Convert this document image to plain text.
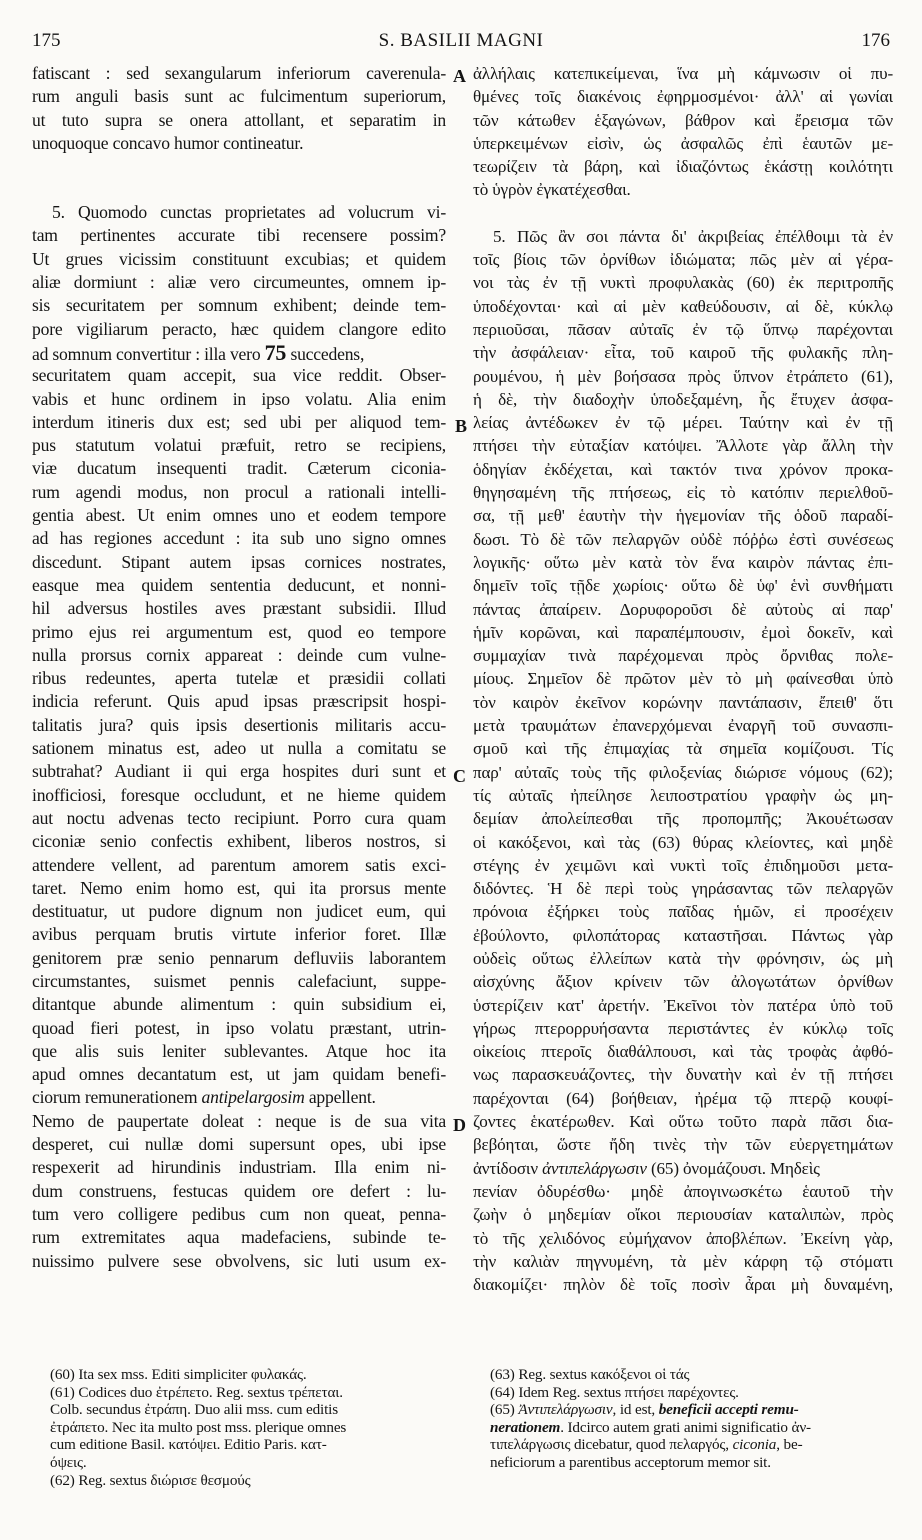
175	S. BASILII MAGNI	176
A
B
C
D
fatiscant : sed sexangularum inferiorum caverenula-
rum anguli basis sunt ac fulcimentum superiorum,
ut tuto supra se onera attollant, et separatim in
unoquoque concavo humor contineatur.
5. Quomodo cunctas proprietates ad volucrum vi-
tam pertinentes accurate tibi recensere possim?
Ut grues vicissim constituunt excubias; et quidem
aliæ dormiunt : aliæ vero circumeuntes, omnem ip-
sis securitatem per somnum exhibent; deinde tem-
pore vigiliarum peracto, hæc quidem clangore edito
ad somnum convertitur : illa vero 75 succedens,
securitatem quam accepit, sua vice reddit. Obser-
vabis et hunc ordinem in ipso volatu. Alia enim
interdum itineris dux est; sed ubi per aliquod tem-
pus statutum volatui præfuit, retro se recipiens,
viæ ducatum insequenti tradit. Cæterum ciconia-
rum agendi modus, non procul a rationali intelli-
gentia abest. Ut enim omnes uno et eodem tempore
ad has regiones accedunt : ita sub uno signo omnes
discedunt. Stipant autem ipsas cornices nostrates,
easque mea quidem sententia deducunt, et nonni-
hil adversus hostiles aves præstant subsidii. Illud
primo ejus rei argumentum est, quod eo tempore
nulla prorsus cornix appareat : deinde cum vulne-
ribus redeuntes, aperta tutelæ et præsidii collati
indicia referunt. Quis apud ipsas præscripsit hospi-
talitatis jura? quis ipsis desertionis militaris accu-
sationem minatus est, adeo ut nulla a comitatu se
subtrahat? Audiant ii qui erga hospites duri sunt et
inofficiosi, foresque occludunt, et ne hieme quidem
aut noctu advenas tecto recipiunt. Porro cura quam
ciconiæ senio confectis exhibent, liberos nostros, si
attendere vellent, ad parentum amorem satis exci-
taret. Nemo enim homo est, qui ita prorsus mente
destituatur, ut pudore dignum non judicet eum, qui
avibus perquam brutis virtute inferior foret. Illæ
genitorem præ senio pennarum defluviis laborantem
circumstantes, suismet pennis calefaciunt, suppe-
ditantque abunde alimentum : quin subsidium ei,
quoad fieri potest, in ipso volatu præstant, utrin-
que alis suis leniter sublevantes. Atque hoc ita
apud omnes decantatum est, ut jam quidam benefi-
ciorum remunerationem antipelargosim appellent.
Nemo de paupertate doleat : neque is de sua vita
desperet, cui nullæ domi supersunt opes, ubi ipse
respexerit ad hirundinis industriam. Illa enim ni-
dum construens, festucas quidem ore defert : lu-
tum vero colligere pedibus cum non queat, penna-
rum extremitates aqua madefaciens, subinde te-
nuissimo pulvere sese obvolvens, sic luti usum ex-
ἀλλήλαις κατεπικείμεναι, ἵνα μὴ κάμνωσιν οἱ πυ-
θμένες τοῖς διακένοις ἐφηρμοσμένοι· ἀλλ' αἱ γωνίαι
τῶν κάτωθεν ἑξαγώνων, βάθρον καὶ ἔρεισμα τῶν
ὑπερκειμένων εἰσὶν, ὡς ἀσφαλῶς ἐπὶ ἑαυτῶν με-
τεωρίζειν τὰ βάρη, καὶ ἰδιαζόντως ἑκάστῃ κοιλότητι
τὸ ὑγρὸν ἐγκατέχεσθαι.
5. Πῶς ἂν σοι πάντα δι' ἀκριβείας ἐπέλθοιμι τὰ ἐν
τοῖς βίοις τῶν ὀρνίθων ἰδιώματα; πῶς μὲν αἱ γέρα-
νοι τὰς ἐν τῇ νυκτὶ προφυλακὰς (60) ἐκ περιτροπῆς
ὑποδέχονται· καὶ αἱ μὲν καθεύδουσιν, αἱ δὲ, κύκλῳ
περιιοῦσαι, πᾶσαν αὐταῖς ἐν τῷ ὕπνῳ παρέχονται
τὴν ἀσφάλειαν· εἶτα, τοῦ καιροῦ τῆς φυλακῆς πλη-
ρουμένου, ἡ μὲν βοήσασα πρὸς ὕπνον ἐτράπετο (61),
ἡ δὲ, τὴν διαδοχὴν ὑποδεξαμένη, ἧς ἔτυχεν ἀσφα-
λείας ἀντέδωκεν ἐν τῷ μέρει. Ταύτην καὶ ἐν τῇ
πτήσει τὴν εὐταξίαν κατόψει. Ἄλλοτε γὰρ ἄλλη τὴν
ὁδηγίαν ἐκδέχεται, καὶ τακτόν τινα χρόνον προκα-
θηγησαμένη τῆς πτήσεως, εἰς τὸ κατόπιν περιελθοῦ-
σα, τῇ μεθ' ἑαυτὴν τὴν ἡγεμονίαν τῆς ὁδοῦ παραδί-
δωσι. Τὸ δὲ τῶν πελαργῶν οὐδὲ πόῤῥω ἐστὶ συνέσεως
λογικῆς· οὕτω μὲν κατὰ τὸν ἕνα καιρὸν πάντας ἐπι-
δημεῖν τοῖς τῇδε χωρίοις· οὕτω δὲ ὑφ' ἑνὶ συνθήματι
πάντας ἀπαίρειν. Δορυφοροῦσι δὲ αὐτοὺς αἱ παρ'
ἡμῖν κορῶναι, καὶ παραπέμπουσιν, ἐμοὶ δοκεῖν, καὶ
συμμαχίαν τινὰ παρέχομεναι πρὸς ὄρνιθας πολε-
μίους. Σημεῖον δὲ πρῶτον μὲν τὸ μὴ φαίνεσθαι ὑπὸ
τὸν καιρὸν ἐκεῖνον κορώνην παντάπασιν, ἔπειθ' ὅτι
μετὰ τραυμάτων ἐπανερχόμεναι ἐναργῆ τοῦ συνασπι-
σμοῦ καὶ τῆς ἐπιμαχίας τὰ σημεῖα κομίζουσι. Τίς
παρ' αὐταῖς τοὺς τῆς φιλοξενίας διώρισε νόμους (62);
τίς αὐταῖς ἠπείλησε λειποστρατίου γραφὴν ὡς μη-
δεμίαν ἀπολείπεσθαι τῆς προπομπῆς; Ἀκουέτωσαν
οἱ κακόξενοι, καὶ τὰς (63) θύρας κλείοντες, καὶ μηδὲ
στέγης ἐν χειμῶνι καὶ νυκτὶ τοῖς ἐπιδημοῦσι μετα-
διδόντες. Ἡ δὲ περὶ τοὺς γηράσαντας τῶν πελαργῶν
πρόνοια ἐξήρκει τοὺς παῖδας ἡμῶν, εἰ προσέχειν
ἐβούλοντο, φιλοπάτορας καταστῆσαι. Πάντως γὰρ
οὐδεὶς οὕτως ἐλλείπων κατὰ τὴν φρόνησιν, ὡς μὴ
αἰσχύνης ἄξιον κρίνειν τῶν ἀλογωτάτων ὀρνίθων
ὑστερίζειν κατ' ἀρετήν. Ἐκεῖνοι τὸν πατέρα ὑπὸ τοῦ
γήρως πτερορρυήσαντα περιστάντες ἐν κύκλῳ τοῖς
οἰκείοις πτεροῖς διαθάλπουσι, καὶ τὰς τροφὰς ἀφθό-
νως παρασκευάζοντες, τὴν δυνατὴν καὶ ἐν τῇ πτήσει
παρέχονται (64) βοήθειαν, ἠρέμα τῷ πτερῷ κουφί-
ζοντες ἑκατέρωθεν. Καὶ οὕτω τοῦτο παρὰ πᾶσι δια-
βεβόηται, ὥστε ἤδη τινὲς τὴν τῶν εὐεργετημάτων
ἀντίδοσιν ἀντιπελάργωσιν (65) ὀνομάζουσι. Μηδεὶς
πενίαν ὀδυρέσθω· μηδὲ ἀπογινωσκέτω ἑαυτοῦ τὴν
ζωὴν ὁ μηδεμίαν οἴκοι περιουσίαν καταλιπὼν, πρὸς
τὸ τῆς χελιδόνος εὐμήχανον ἀποβλέπων. Ἐκείνη γὰρ,
τὴν καλιὰν πηγνυμένη, τὰ μὲν κάρφη τῷ στόματι
διακομίζει· πηλὸν δὲ τοῖς ποσὶν ἆραι μὴ δυναμένη,
(60) Ita sex mss. Editi simpliciter φυλακάς.
(61) Codices duo ἐτρέπετο. Reg. sextus τρέπεται.
Colb. secundus ἐτράπη. Duo alii mss. cum editis
ἐτράπετο. Nec ita multo post mss. plerique omnes
cum editione Basil. κατόψει. Editio Paris. κατ-
όψεις.
(62) Reg. sextus διώρισε θεσμούς
(63) Reg. sextus κακόξενοι οἱ τάς
(64) Idem Reg. sextus πτήσει παρέχοντες.
(65) Ἀντιπελάργωσιν, id est, beneficii accepti remu-
nerationem. Idcirco autem grati animi significatio ἀν-
τιπελάργωσις dicebatur, quod πελαργός, ciconia, be-
neficiorum a parentibus acceptorum memor sit.
